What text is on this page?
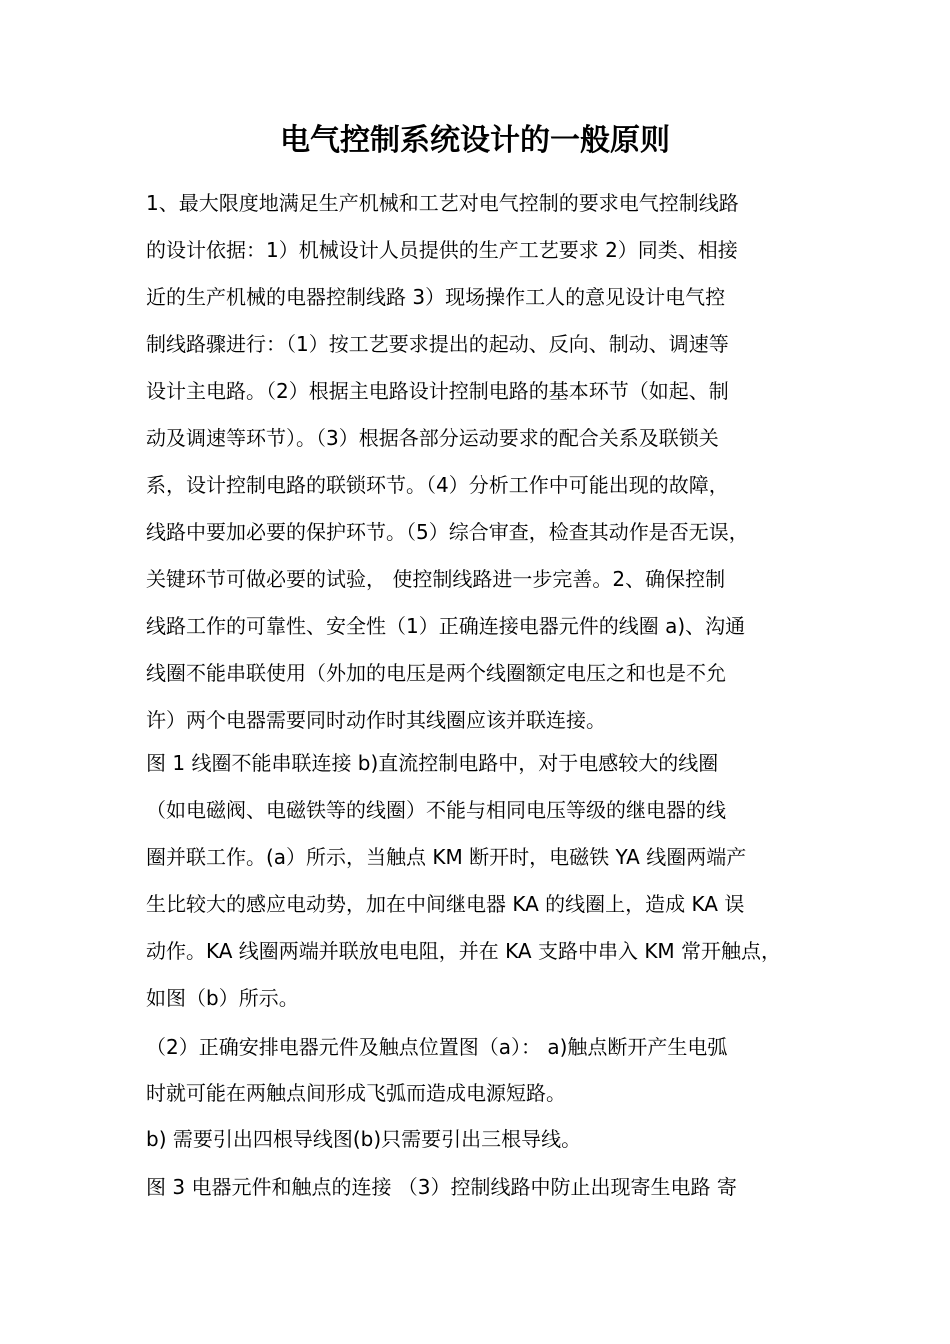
电气控制系统设计的一般原则
1、最大限度地满足生产机械和工艺对电气控制的要求电气控制线路
的设计依据：1）机械设计人员提供的生产工艺要求 2）同类、相接
近的生产机械的电器控制线路 3）现场操作工人的意见设计电气控
制线路骤进行：（1）按工艺要求提出的起动、反向、制动、调速等
设计主电路。（2）根据主电路设计控制电路的基本环节（如起、制
动及调速等环节）。（3）根据各部分运动要求的配合关系及联锁关
系，设计控制电路的联锁环节。（4）分析工作中可能出现的故障，
线路中要加必要的保护环节。（5）综合审查，检查其动作是否无误，
关键环节可做必要的试验， 使控制线路进一步完善。2、确保控制
线路工作的可靠性、安全性（1）正确连接电器元件的线圈 a)、沟通
线圈不能串联使用（外加的电压是两个线圈额定电压之和也是不允
许）两个电器需要同时动作时其线圈应该并联连接。
图 1 线圈不能串联连接 b)直流控制电路中，对于电感较大的线圈
（如电磁阀、电磁铁等的线圈）不能与相同电压等级的继电器的线
圈并联工作。(a）所示，当触点 KM 断开时，电磁铁 YA 线圈两端产
生比较大的感应电动势，加在中间继电器 KA 的线圈上，造成 KA 误
动作。KA 线圈两端并联放电电阻，并在 KA 支路中串入 KM 常开触点，
如图（b）所示。
（2）正确安排电器元件及触点位置图（a）： a)触点断开产生电弧
时就可能在两触点间形成飞弧而造成电源短路。
b) 需要引出四根导线图(b)只需要引出三根导线。
图 3 电器元件和触点的连接 （3）控制线路中防止出现寄生电路 寄
